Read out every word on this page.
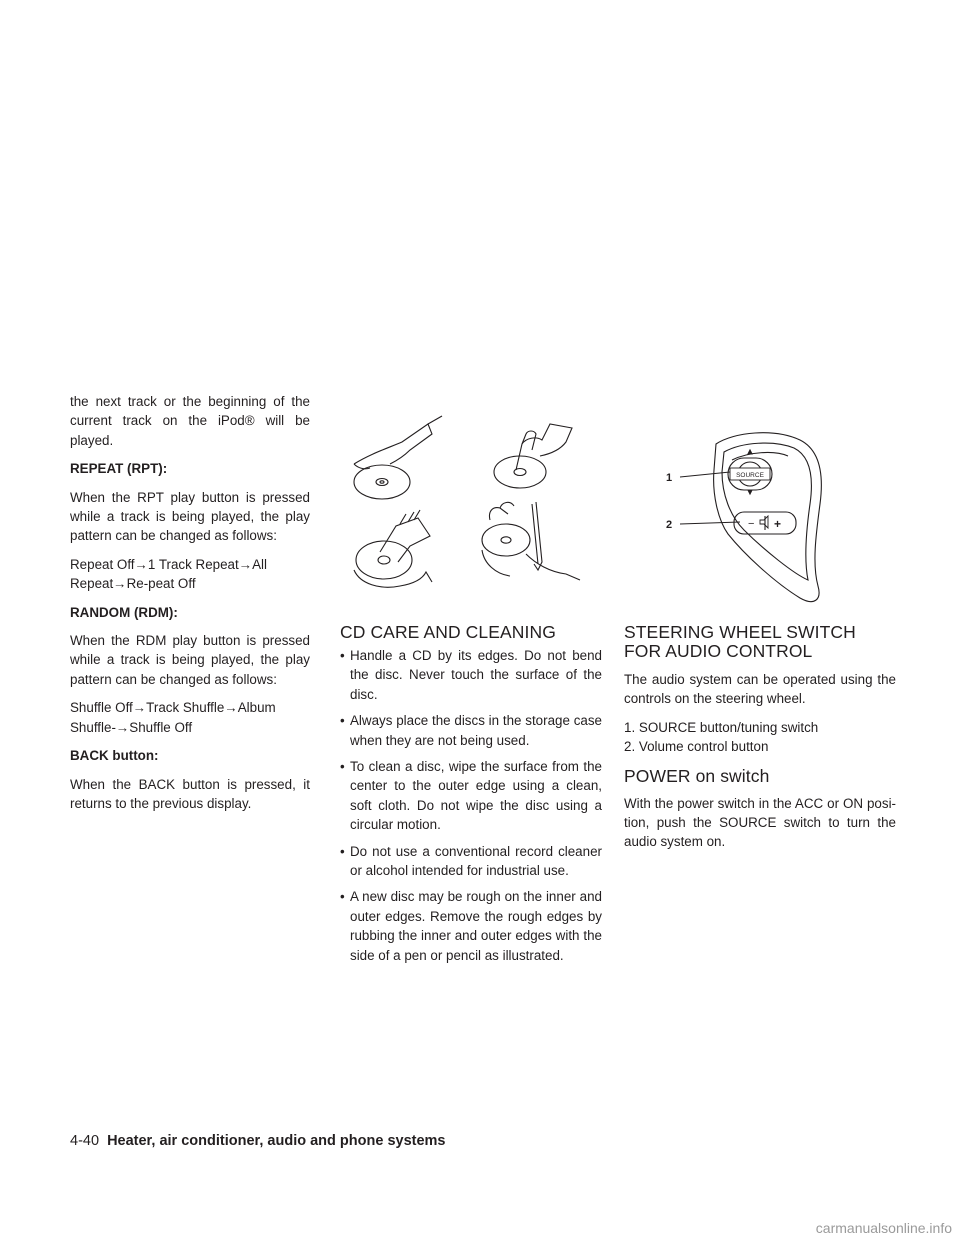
the next track or the beginning of the current track on the iPod® will be played.

REPEAT (RPT):

When the RPT play button is pressed while a track is being played, the play pattern can be changed as follows:

Repeat Off→1 Track Repeat→All Repeat→Re-peat Off

RANDOM (RDM):

When the RDM play button is pressed while a track is being played, the play pattern can be changed as follows:

Shuffle Off→Track Shuffle→Album Shuffle-→Shuffle Off

BACK button:

When the BACK button is pressed, it returns to the previous display.

CD CARE AND CLEANING
• Handle a CD by its edges. Do not bend the disc. Never touch the surface of the disc.
• Always place the discs in the storage case when they are not being used.
• To clean a disc, wipe the surface from the center to the outer edge using a clean, soft cloth. Do not wipe the disc using a circular motion.
• Do not use a conventional record cleaner or alcohol intended for industrial use.
• A new disc may be rough on the inner and outer edges. Remove the rough edges by rubbing the inner and outer edges with the side of a pen or pencil as illustrated.
SOURCE
− +
1
2
STEERING WHEEL SWITCH FOR AUDIO CONTROL

The audio system can be operated using the controls on the steering wheel.

1. SOURCE button/tuning switch
2. Volume control button
POWER on switch

With the power switch in the ACC or ON posi-tion, push the SOURCE switch to turn the audio system on.

4-40 Heater, air conditioner, audio and phone systems
carmanualsonline.info
